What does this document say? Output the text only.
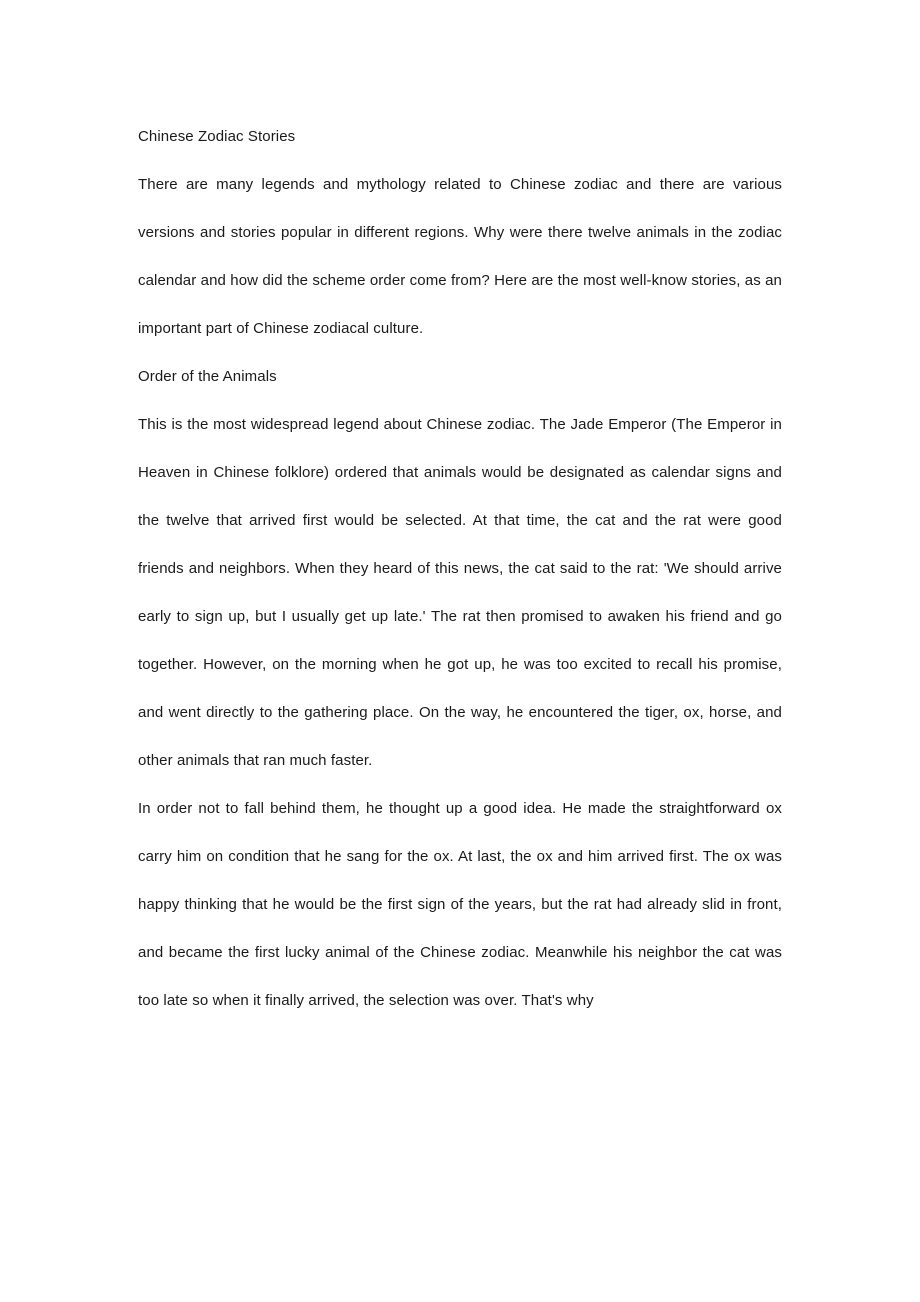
Chinese Zodiac Stories

There are many legends and mythology related to Chinese zodiac and there are various versions and stories popular in different regions. Why were there twelve animals in the zodiac calendar and how did the scheme order come from? Here are the most well-know stories, as an important part of Chinese zodiacal culture.

Order of the Animals

This is the most widespread legend about Chinese zodiac. The Jade Emperor (The Emperor in Heaven in Chinese folklore) ordered that animals would be designated as calendar signs and the twelve that arrived first would be selected. At that time, the cat and the rat were good friends and neighbors. When they heard of this news, the cat said to the rat: 'We should arrive early to sign up, but I usually get up late.' The rat then promised to awaken his friend and go together. However, on the morning when he got up, he was too excited to recall his promise, and went directly to the gathering place. On the way, he encountered the tiger, ox, horse, and other animals that ran much faster.

In order not to fall behind them, he thought up a good idea. He made the straightforward ox carry him on condition that he sang for the ox. At last, the ox and him arrived first. The ox was happy thinking that he would be the first sign of the years, but the rat had already slid in front, and became the first lucky animal of the Chinese zodiac. Meanwhile his neighbor the cat was too late so when it finally arrived, the selection was over. That's why
